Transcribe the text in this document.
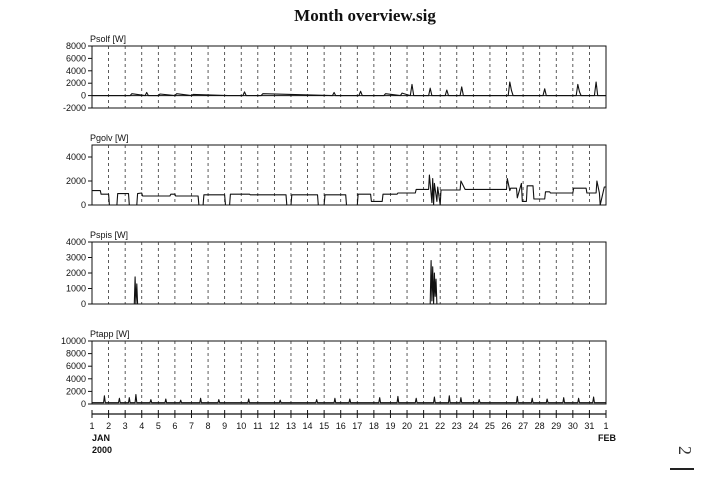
Month overview.sig
8000
6000
4000
2000
0
-2000
Psolf [W]
4000
2000
0
Pgolv [W]
4000
3000
2000
1000
0
Pspis [W]
10000
8000
6000
4000
2000
0
Ptapp [W]
1 2 3 4 5 6 7 8 9 10 11 12 13 14 15 16 17 18 19 20 21 22 23 24 25 26 27 28 29 30 31 1
JAN
2000
FEB
2
